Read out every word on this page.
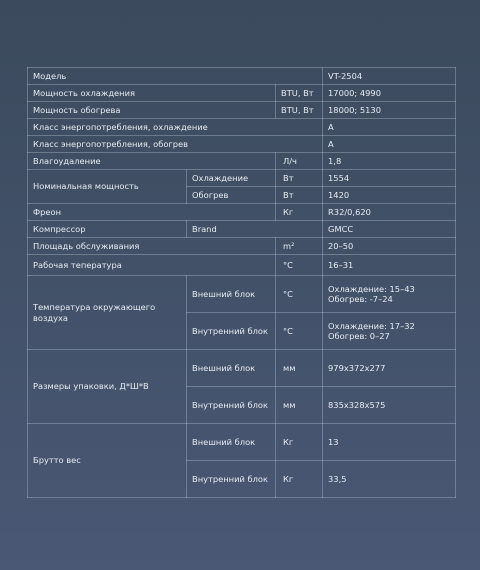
Модель			VT-2504
Мощность охлаждения		BTU, Вт	17000; 4990
Мощность обогрева		BTU, Вт	18000; 5130
Класс энергопотребления, охлаждение			A
Класс энергопотребления, обогрев			A
Влагоудаление		Л/ч	1,8
Номинальная мощность	Охлаждение	Вт	1554
	Обогрев	Вт	1420
Фреон		Кг	R32/0,620
Компрессор	Brand		GMCC
Площадь обслуживания		m²	20–50
Рабочая тепература		°C	16–31
Температура окружающего воздуха	Внешний блок	°C	Охлаждение: 15–43
Обогрев: -7–24

	Внутренний блок	°C	Охлаждение: 17–32
Обогрев: 0–27

Размеры упаковки, Д*Ш*В	Внешний блок	мм	979x372x277
	Внутренний блок	мм	835x328x575
Брутто вес	Внешний блок	Кг	13
	Внутренний блок	Кг	33,5
